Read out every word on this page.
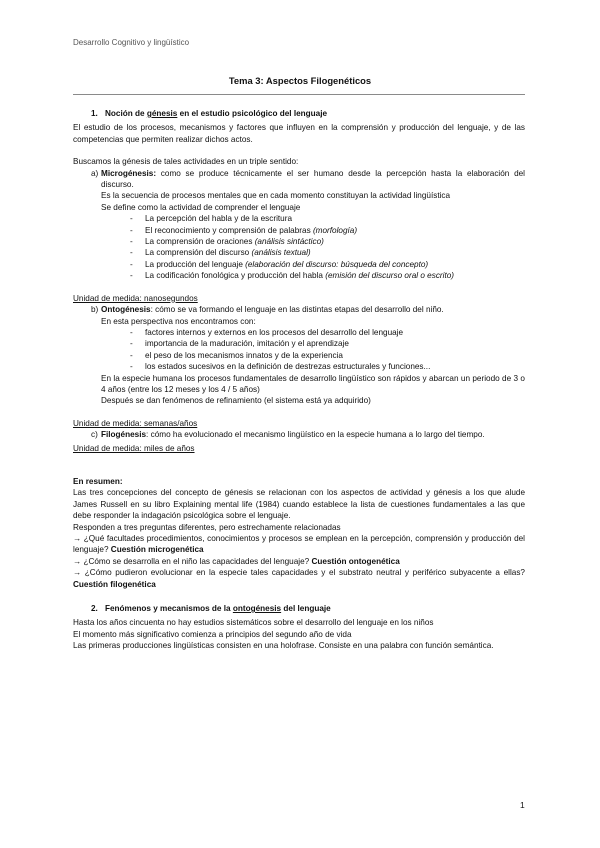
Desarrollo Cognitivo y lingüístico
Tema 3: Aspectos Filogenéticos
1. Noción de génesis en el estudio psicológico del lenguaje

El estudio de los procesos, mecanismos y factores que influyen en la comprensión y producción del lenguaje, y de las competencias que permiten realizar dichos actos.

Buscamos la génesis de tales actividades en un triple sentido:

a) Microgénesis: como se produce técnicamente el ser humano desde la percepción hasta la elaboración del discurso.
Es la secuencia de procesos mentales que en cada momento constituyan la actividad lingüística
Se define como la actividad de comprender el lenguaje
- La percepción del habla y de la escritura
- El reconocimiento y comprensión de palabras (morfología)
- La comprensión de oraciones (análisis sintáctico)
- La comprensión del discurso (análisis textual)
- La producción del lenguaje (elaboración del discurso: búsqueda del concepto)
- La codificación fonológica y producción del habla (emisión del discurso oral o escrito)
Unidad de medida: nanosegundos
b) Ontogénesis: cómo se va formando el lenguaje en las distintas etapas del desarrollo del niño.
En esta perspectiva nos encontramos con:
- factores internos y externos en los procesos del desarrollo del lenguaje
- importancia de la maduración, imitación y el aprendizaje
- el peso de los mecanismos innatos y de la experiencia
- los estados sucesivos en la definición de destrezas estructurales y funciones...
En la especie humana los procesos fundamentales de desarrollo lingüístico son rápidos y abarcan un periodo de 3 o 4 años (entre los 12 meses y los 4 / 5 años)
Después se dan fenómenos de refinamiento (el sistema está ya adquirido)
Unidad de medida: semanas/años
c) Filogénesis: cómo ha evolucionado el mecanismo lingüístico en la especie humana a lo largo del tiempo.
Unidad de medida: miles de años
En resumen:

Las tres concepciones del concepto de génesis se relacionan con los aspectos de actividad y génesis a los que alude James Russell en su libro Explaining mental life (1984) cuando establece la lista de cuestiones fundamentales a las que debe responder la indagación psicológica sobre el lenguaje.

Responden a tres preguntas diferentes, pero estrechamente relacionadas

→ ¿Qué facultades procedimientos, conocimientos y procesos se emplean en la percepción, comprensión y producción del lenguaje? Cuestión microgenética

→ ¿Cómo se desarrolla en el niño las capacidades del lenguaje? Cuestión ontogenética

→ ¿Cómo pudieron evolucionar en la especie tales capacidades y el substrato neutral y periférico subyacente a ellas? Cuestión filogenética

2. Fenómenos y mecanismos de la ontogénesis del lenguaje

Hasta los años cincuenta no hay estudios sistemáticos sobre el desarrollo del lenguaje en los niños

El momento más significativo comienza a principios del segundo año de vida

Las primeras producciones lingüísticas consisten en una holofrase. Consiste en una palabra con función semántica.

1
